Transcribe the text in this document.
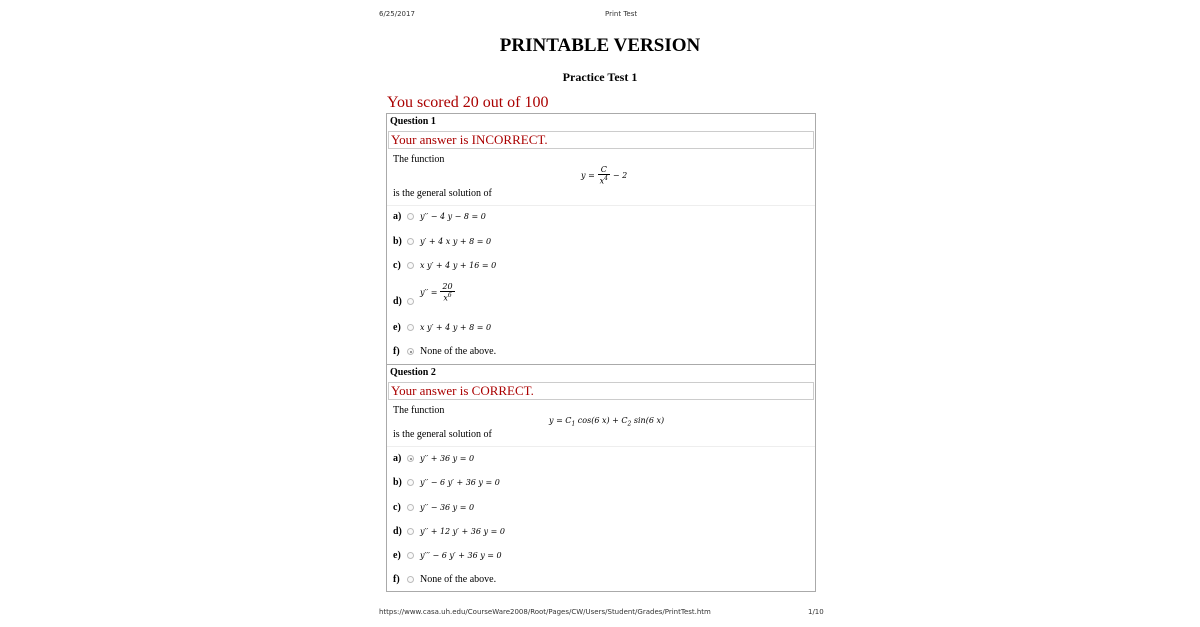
6/25/2017	Print Test
PRINTABLE VERSION
Practice Test 1
You scored 20 out of 100
Question 1
Your answer is INCORRECT.
The function
$y = \frac{C}{x^4} - 2$
is the general solution of
a)	y′′ − 4 y − 8 = 0
b)	y′ + 4 x y + 8 = 0
c)	x y′ + 4 y + 16 = 0
d)
$y'' = \frac{20}{x^6}$
e)	x y′ + 4 y + 8 = 0
f)	None of the above.
Question 2
Your answer is CORRECT.
The function
$y = C_1$ cos(6 $x) + C_2$ sin(6 x)
is the general solution of
a)	y′′ + 36 y = 0
b)	y′′ − 6 y′ + 36 y = 0
c)	y′′ − 36 y = 0
d)	y′′ + 12 y′ + 36 y = 0
e)	y′′′ − 6 y′ + 36 y = 0
f)	None of the above.
https://www.casa.uh.edu/CourseWare2008/Root/Pages/CW/Users/Student/Grades/PrintTest.htm	1/10
